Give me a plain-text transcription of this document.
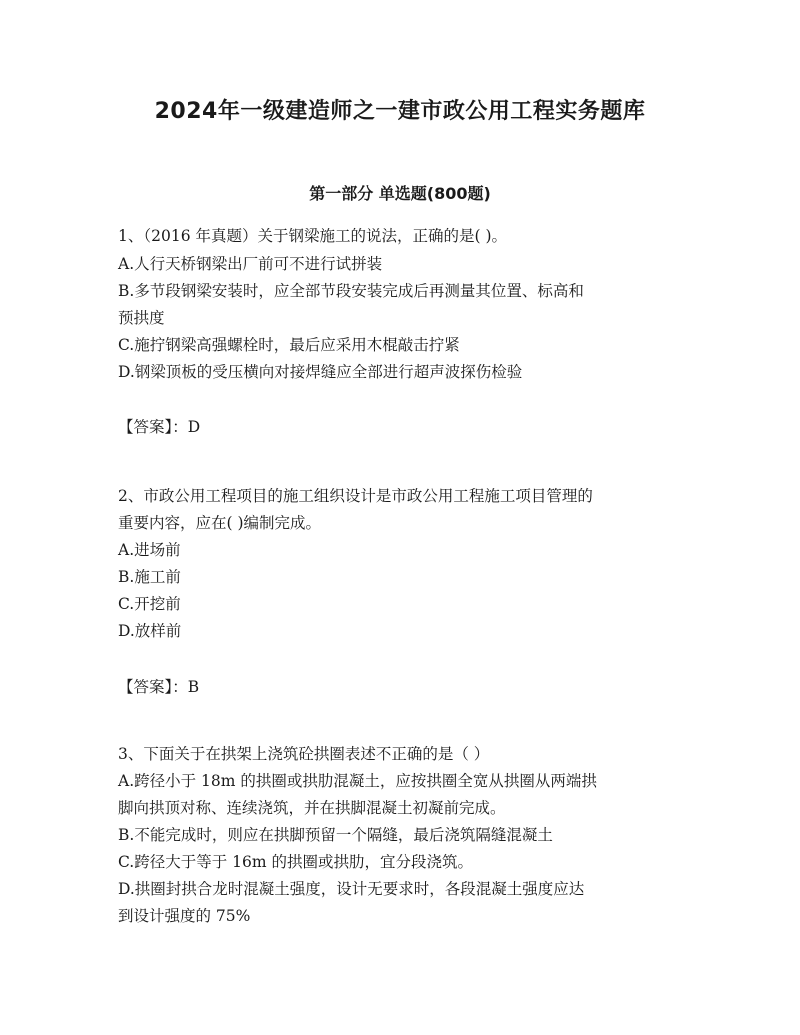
2024年一级建造师之一建市政公用工程实务题库
第一部分 单选题(800题)
1、（2016 年真题）关于钢梁施工的说法，正确的是( )。
A.人行天桥钢梁出厂前可不进行试拼装
B.多节段钢梁安装时，应全部节段安装完成后再测量其位置、标高和
预拱度
C.施拧钢梁高强螺栓时，最后应采用木棍敲击拧紧
D.钢梁顶板的受压横向对接焊缝应全部进行超声波探伤检验
【答案】：D
2、市政公用工程项目的施工组织设计是市政公用工程施工项目管理的
重要内容，应在( )编制完成。
A.进场前
B.施工前
C.开挖前
D.放样前
【答案】：B
3、下面关于在拱架上浇筑砼拱圈表述不正确的是（ ）
A.跨径小于 18m 的拱圈或拱肋混凝土，应按拱圈全宽从拱圈从两端拱
脚向拱顶对称、连续浇筑，并在拱脚混凝土初凝前完成。
B.不能完成时，则应在拱脚预留一个隔缝，最后浇筑隔缝混凝土
C.跨径大于等于 16m 的拱圈或拱肋，宜分段浇筑。
D.拱圈封拱合龙时混凝土强度，设计无要求时，各段混凝土强度应达
到设计强度的 75%
